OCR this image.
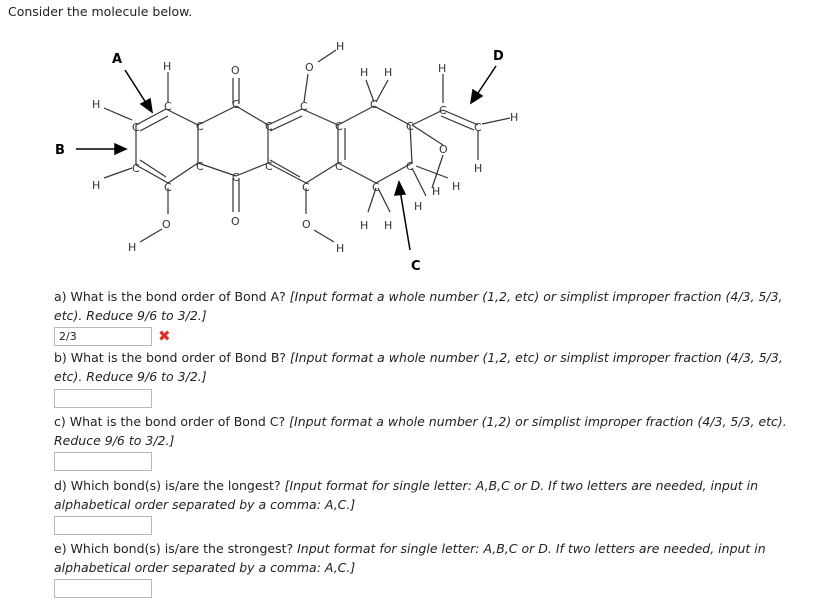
Consider the molecule below.
A
B
C
D
C
C
C
C
C
C
C
C
C
C
C
C
C
C
C
C
C
C
C
C
H
H
H
H
H
H
H H
H H
H
H
H
H
H
H
O
O
O
O
O
O
a) What is the bond order of Bond A? [Input format a whole number (1,2, etc) or simplist improper fraction (4/3, 5/3, etc). Reduce 9/6 to 3/2.]
2/3
✖
b) What is the bond order of Bond B? [Input format a whole number (1,2, etc) or simplist improper fraction (4/3, 5/3, etc). Reduce 9/6 to 3/2.]
c) What is the bond order of Bond C? [Input format a whole number (1,2) or simplist improper fraction (4/3, 5/3, etc). Reduce 9/6 to 3/2.]
d) Which bond(s) is/are the longest? [Input format for single letter: A,B,C or D. If two letters are needed, input in alphabetical order separated by a comma: A,C.]
e) Which bond(s) is/are the strongest? Input format for single letter: A,B,C or D. If two letters are needed, input in alphabetical order separated by a comma: A,C.]
